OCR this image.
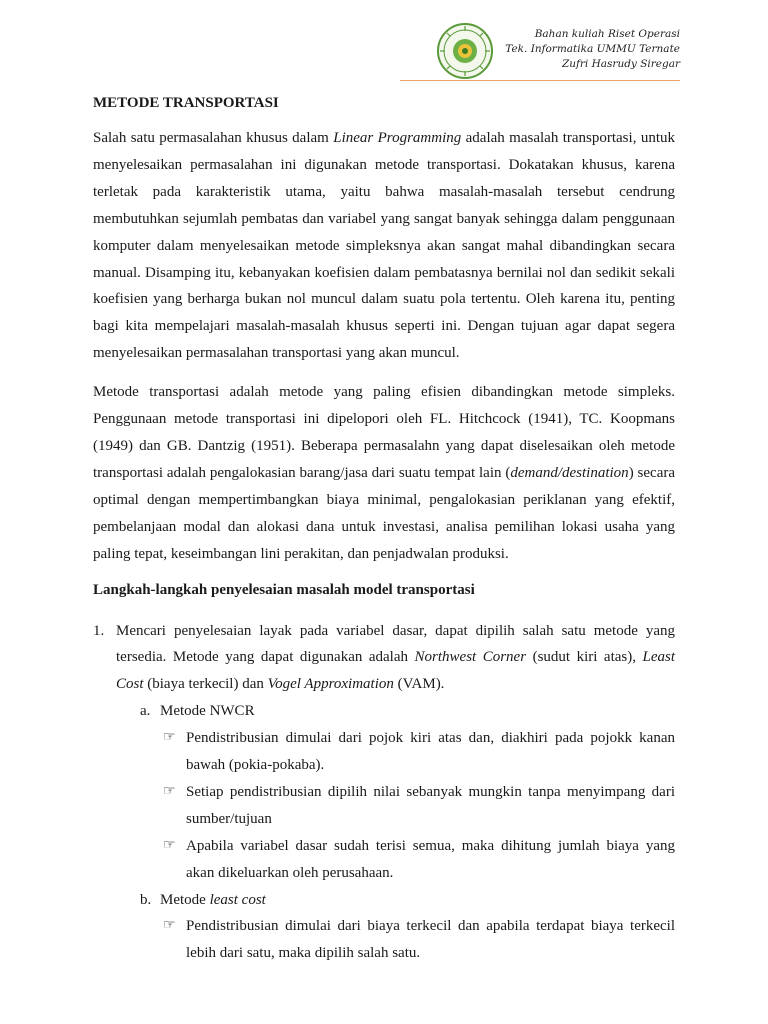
Bahan kuliah Riset Operasi
Tek. Informatika UMMU Ternate
Zufri Hasrudy Siregar
METODE TRANSPORTASI

Salah satu permasalahan khusus dalam Linear Programming adalah masalah transportasi, untuk menyelesaikan permasalahan ini digunakan metode transportasi. Dokatakan khusus, karena terletak pada karakteristik utama, yaitu bahwa masalah-masalah tersebut cendrung membutuhkan sejumlah pembatas dan variabel yang sangat banyak sehingga dalam penggunaan komputer dalam menyelesaikan metode simpleksnya akan sangat mahal dibandingkan secara manual. Disamping itu, kebanyakan koefisien dalam pembatasnya bernilai nol dan sedikit sekali koefisien yang berharga bukan nol muncul dalam suatu pola tertentu. Oleh karena itu, penting bagi kita mempelajari masalah-masalah khusus seperti ini. Dengan tujuan agar dapat segera menyelesaikan permasalahan transportasi yang akan muncul.

Metode transportasi adalah metode yang paling efisien dibandingkan metode simpleks. Penggunaan metode transportasi ini dipelopori oleh FL. Hitchcock (1941), TC. Koopmans (1949) dan GB. Dantzig (1951). Beberapa permasalahn yang dapat diselesaikan oleh metode transportasi adalah pengalokasian barang/jasa dari suatu tempat lain (demand/destination) secara optimal dengan mempertimbangkan biaya minimal, pengalokasian periklanan yang efektif, pembelanjaan modal dan alokasi dana untuk investasi, analisa pemilihan lokasi usaha yang paling tepat, keseimbangan lini perakitan, dan penjadwalan produksi.

Langkah-langkah penyelesaian masalah model transportasi
1. Mencari penyelesaian layak pada variabel dasar, dapat dipilih salah satu metode yang tersedia. Metode yang dapat digunakan adalah Northwest Corner (sudut kiri atas), Least Cost (biaya terkecil) dan Vogel Approximation (VAM).
a. Metode NWCR
☞ Pendistribusian dimulai dari pojok kiri atas dan, diakhiri pada pojokk kanan bawah (pokia-pokaba).
☞ Setiap pendistribusian dipilih nilai sebanyak mungkin tanpa menyimpang dari sumber/tujuan
☞ Apabila variabel dasar sudah terisi semua, maka dihitung jumlah biaya yang akan dikeluarkan oleh perusahaan.
b. Metode least cost
☞ Pendistribusian dimulai dari biaya terkecil dan apabila terdapat biaya terkecil lebih dari satu, maka dipilih salah satu.
